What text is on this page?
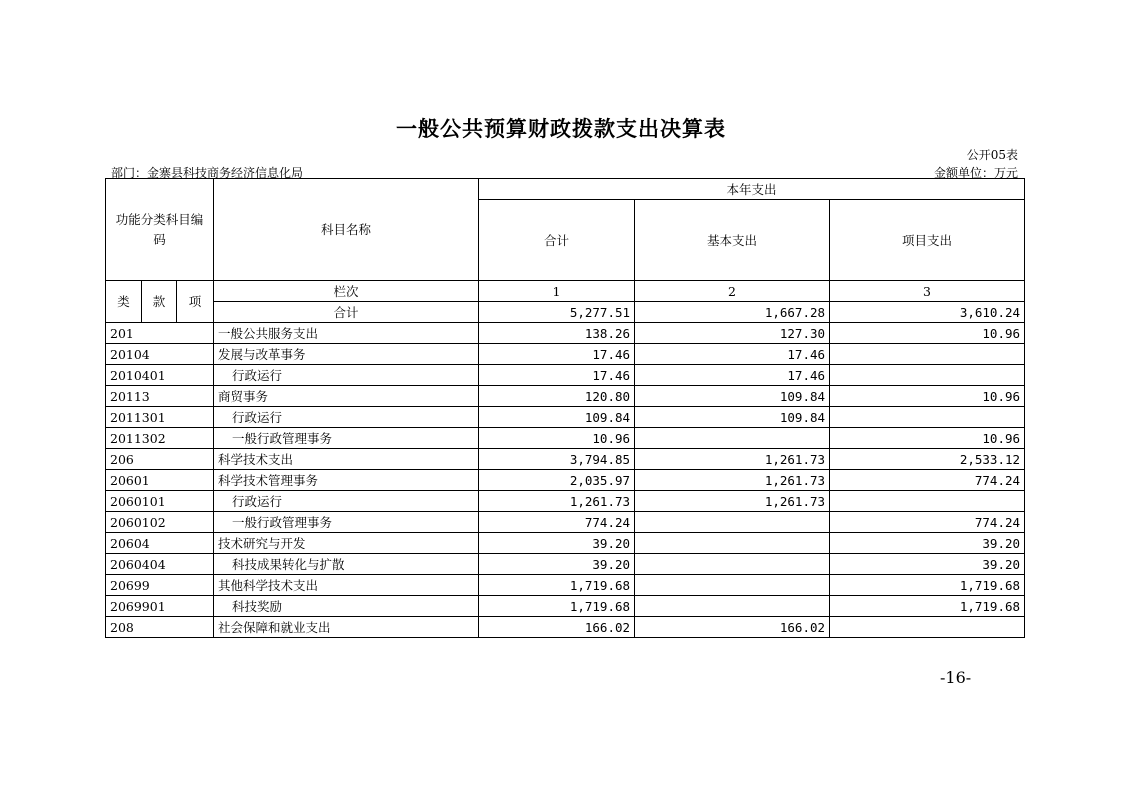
一般公共预算财政拨款支出决算表
公开05表
部门：金寨县科技商务经济信息化局	金额单位：万元
功能分类科目编码			科目名称	本年支出		
				合计	基本支出	项目支出
类	款	项	栏次	1	2	3
			合计	5,277.51	1,667.28	3,610.24
201			一般公共服务支出	138.26	127.30	10.96
20104			发展与改革事务	17.46	17.46	
2010401			行政运行	17.46	17.46	
20113			商贸事务	120.80	109.84	10.96
2011301			行政运行	109.84	109.84	
2011302			一般行政管理事务	10.96		10.96
206			科学技术支出	3,794.85	1,261.73	2,533.12
20601			科学技术管理事务	2,035.97	1,261.73	774.24
2060101			行政运行	1,261.73	1,261.73	
2060102			一般行政管理事务	774.24		774.24
20604			技术研究与开发	39.20		39.20
2060404			科技成果转化与扩散	39.20		39.20
20699			其他科学技术支出	1,719.68		1,719.68
2069901			科技奖励	1,719.68		1,719.68
208			社会保障和就业支出	166.02	166.02	
-16-
